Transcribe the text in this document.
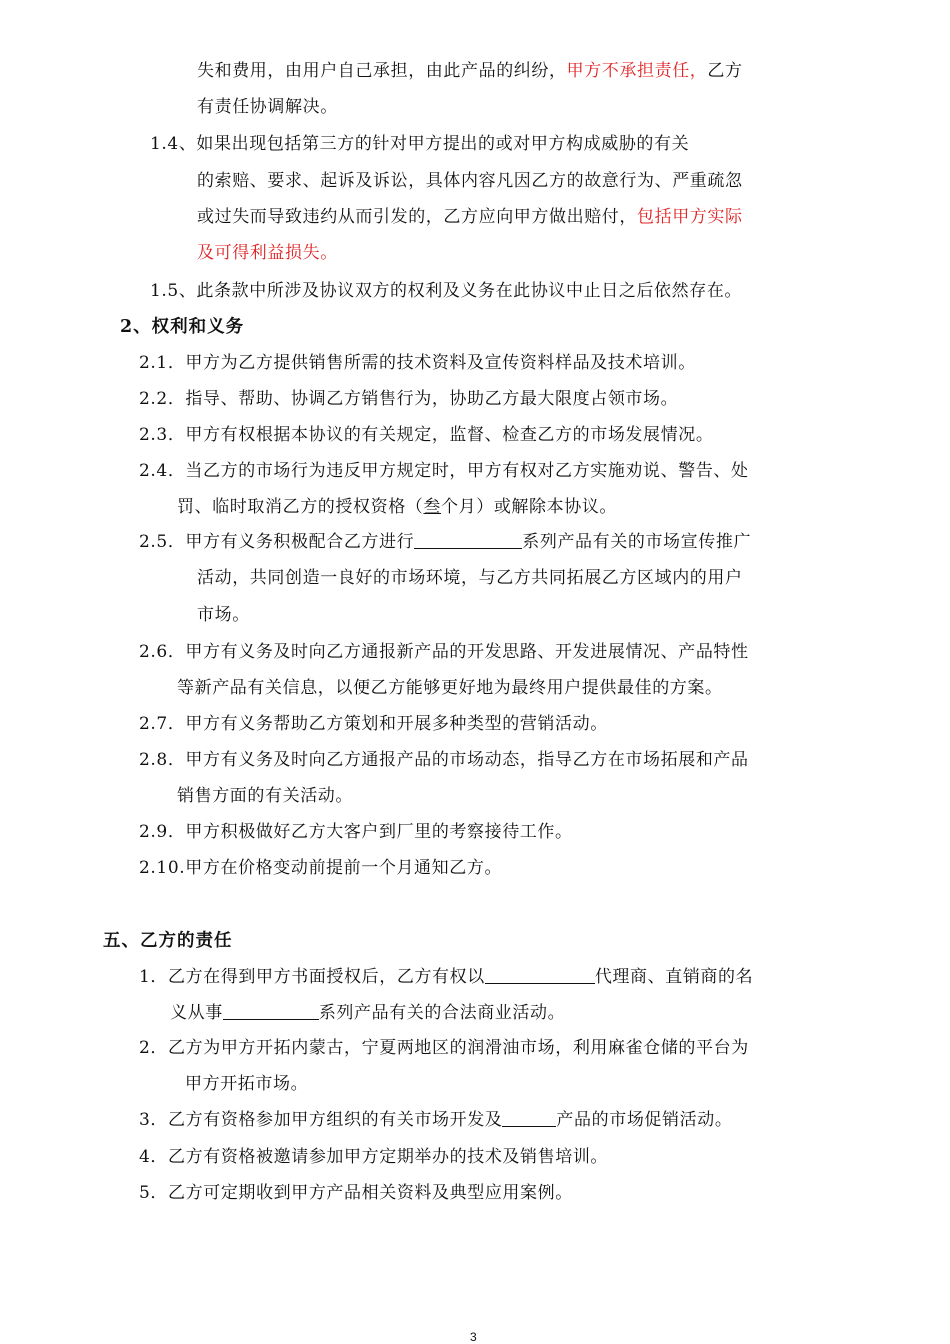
失和费用，由用户自己承担，由此产品的纠纷，甲方不承担责任，乙方
有责任协调解决。
1.4、如果出现包括第三方的针对甲方提出的或对甲方构成威胁的有关
的索赔、要求、起诉及诉讼，具体内容凡因乙方的故意行为、严重疏忽
或过失而导致违约从而引发的，乙方应向甲方做出赔付，包括甲方实际
及可得利益损失。
1.5、此条款中所涉及协议双方的权利及义务在此协议中止日之后依然存在。
2、权利和义务
2.1．甲方为乙方提供销售所需的技术资料及宣传资料样品及技术培训。
2.2．指导、帮助、协调乙方销售行为，协助乙方最大限度占领市场。
2.3．甲方有权根据本协议的有关规定，监督、检查乙方的市场发展情况。
2.4．当乙方的市场行为违反甲方规定时，甲方有权对乙方实施劝说、警告、处
罚、临时取消乙方的授权资格（叁个月）或解除本协议。
2.5．甲方有义务积极配合乙方进行	系列产品有关的市场宣传推广
活动，共同创造一良好的市场环境，与乙方共同拓展乙方区域内的用户
市场。
2.6．甲方有义务及时向乙方通报新产品的开发思路、开发进展情况、产品特性
等新产品有关信息，以便乙方能够更好地为最终用户提供最佳的方案。
2.7．甲方有义务帮助乙方策划和开展多种类型的营销活动。
2.8．甲方有义务及时向乙方通报产品的市场动态，指导乙方在市场拓展和产品
销售方面的有关活动。
2.9．甲方积极做好乙方大客户到厂里的考察接待工作。
2.10.甲方在价格变动前提前一个月通知乙方。
五、乙方的责任
1．乙方在得到甲方书面授权后，乙方有权以	代理商、直销商的名
义从事	系列产品有关的合法商业活动。
2．乙方为甲方开拓内蒙古，宁夏两地区的润滑油市场，利用麻雀仓储的平台为
甲方开拓市场。
3．乙方有资格参加甲方组织的有关市场开发及	产品的市场促销活动。
4．乙方有资格被邀请参加甲方定期举办的技术及销售培训。
5．乙方可定期收到甲方产品相关资料及典型应用案例。
3
